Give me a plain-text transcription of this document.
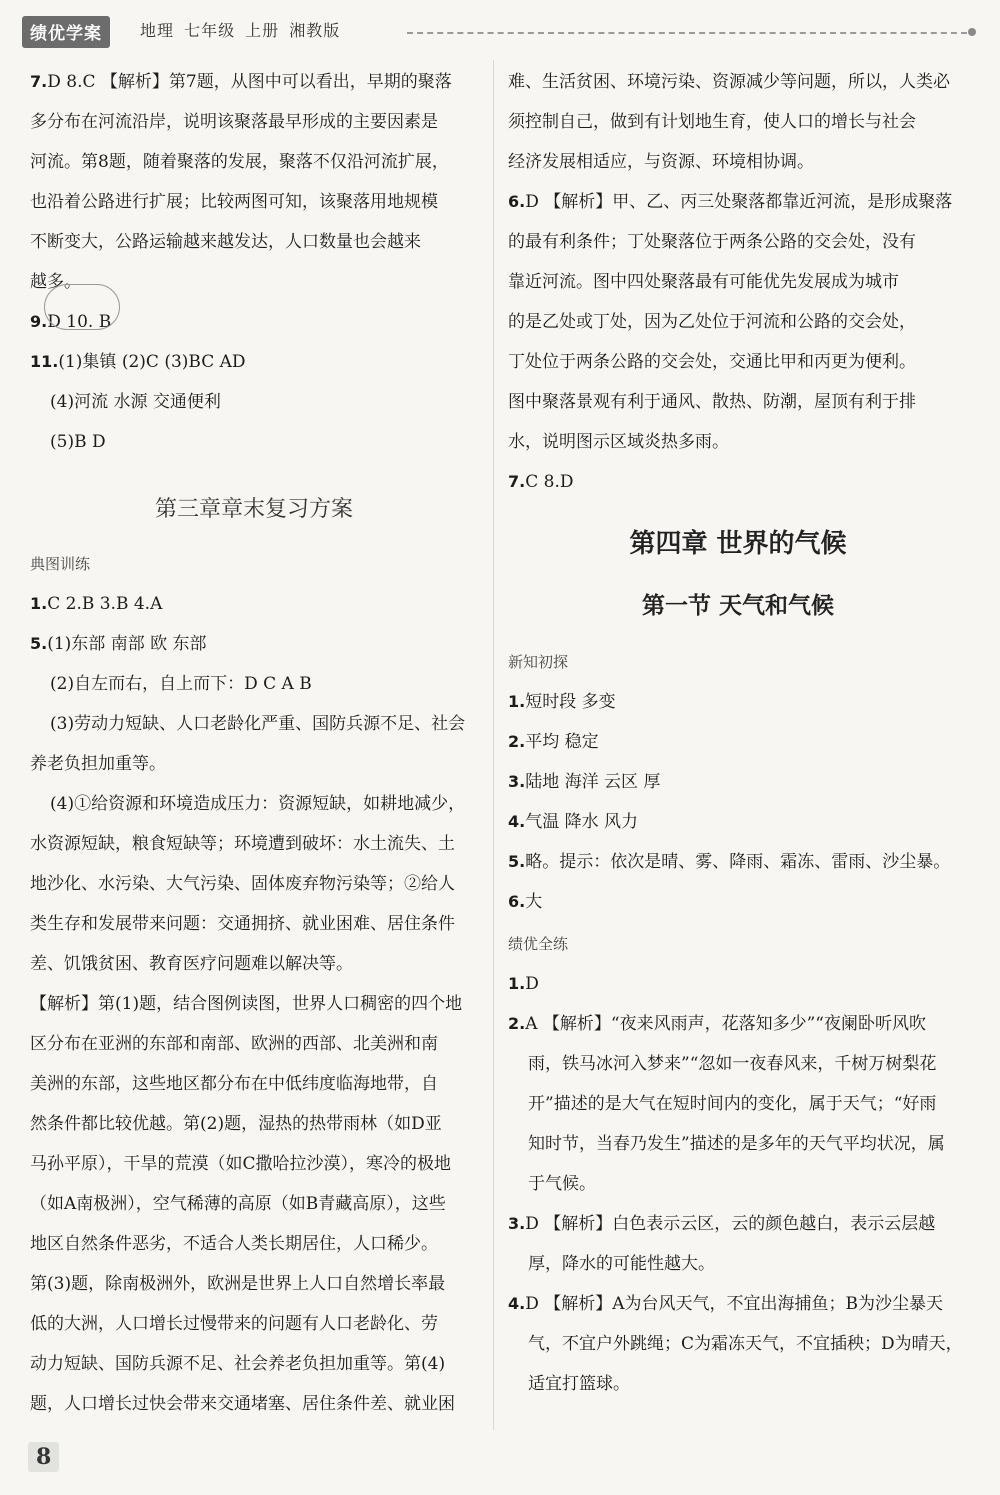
绩优学案	地理 七年级 上册 湘教版

7.D 8.C 【解析】第7题，从图中可以看出，早期的聚落

多分布在河流沿岸，说明该聚落最早形成的主要因素是

河流。第8题，随着聚落的发展，聚落不仅沿河流扩展，

也沿着公路进行扩展；比较两图可知，该聚落用地规模

不断变大，公路运输越来越发达，人口数量也会越来

越多。

9.D 10. B

11.(1)集镇 (2)C (3)BC AD

(4)河流 水源 交通便利

(5)B D

第三章章末复习方案
典图训练

1.C 2.B 3.B 4.A

5.(1)东部 南部 欧 东部

(2)自左而右，自上而下：D C A B

(3)劳动力短缺、人口老龄化严重、国防兵源不足、社会

养老负担加重等。

(4)①给资源和环境造成压力：资源短缺，如耕地减少，

水资源短缺，粮食短缺等；环境遭到破坏：水土流失、土

地沙化、水污染、大气污染、固体废弃物污染等；②给人

类生存和发展带来问题：交通拥挤、就业困难、居住条件

差、饥饿贫困、教育医疗问题难以解决等。

【解析】第(1)题，结合图例读图，世界人口稠密的四个地

区分布在亚洲的东部和南部、欧洲的西部、北美洲和南

美洲的东部，这些地区都分布在中低纬度临海地带，自

然条件都比较优越。第(2)题，湿热的热带雨林（如D亚

马孙平原），干旱的荒漠（如C撒哈拉沙漠），寒冷的极地

（如A南极洲），空气稀薄的高原（如B青藏高原），这些

地区自然条件恶劣，不适合人类长期居住，人口稀少。

第(3)题，除南极洲外，欧洲是世界上人口自然增长率最

低的大洲，人口增长过慢带来的问题有人口老龄化、劳

动力短缺、国防兵源不足、社会养老负担加重等。第(4)

题，人口增长过快会带来交通堵塞、居住条件差、就业困

难、生活贫困、环境污染、资源减少等问题，所以，人类必

须控制自己，做到有计划地生育，使人口的增长与社会

经济发展相适应，与资源、环境相协调。

6.D 【解析】甲、乙、丙三处聚落都靠近河流，是形成聚落

的最有利条件；丁处聚落位于两条公路的交会处，没有

靠近河流。图中四处聚落最有可能优先发展成为城市

的是乙处或丁处，因为乙处位于河流和公路的交会处，

丁处位于两条公路的交会处，交通比甲和丙更为便利。

图中聚落景观有利于通风、散热、防潮，屋顶有利于排

水，说明图示区域炎热多雨。

7.C 8.D

第四章 世界的气候
第一节 天气和气候
新知初探

1.短时段 多变

2.平均 稳定

3.陆地 海洋 云区 厚

4.气温 降水 风力

5.略。提示：依次是晴、雾、降雨、霜冻、雷雨、沙尘暴。

6.大

绩优全练

1.D

2.A 【解析】“夜来风雨声，花落知多少”“夜阑卧听风吹

雨，铁马冰河入梦来”“忽如一夜春风来，千树万树梨花

开”描述的是大气在短时间内的变化，属于天气；“好雨

知时节，当春乃发生”描述的是多年的天气平均状况，属

于气候。

3.D 【解析】白色表示云区，云的颜色越白，表示云层越

厚，降水的可能性越大。

4.D 【解析】A为台风天气，不宜出海捕鱼；B为沙尘暴天

气，不宜户外跳绳；C为霜冻天气，不宜插秧；D为晴天，

适宜打篮球。

8
